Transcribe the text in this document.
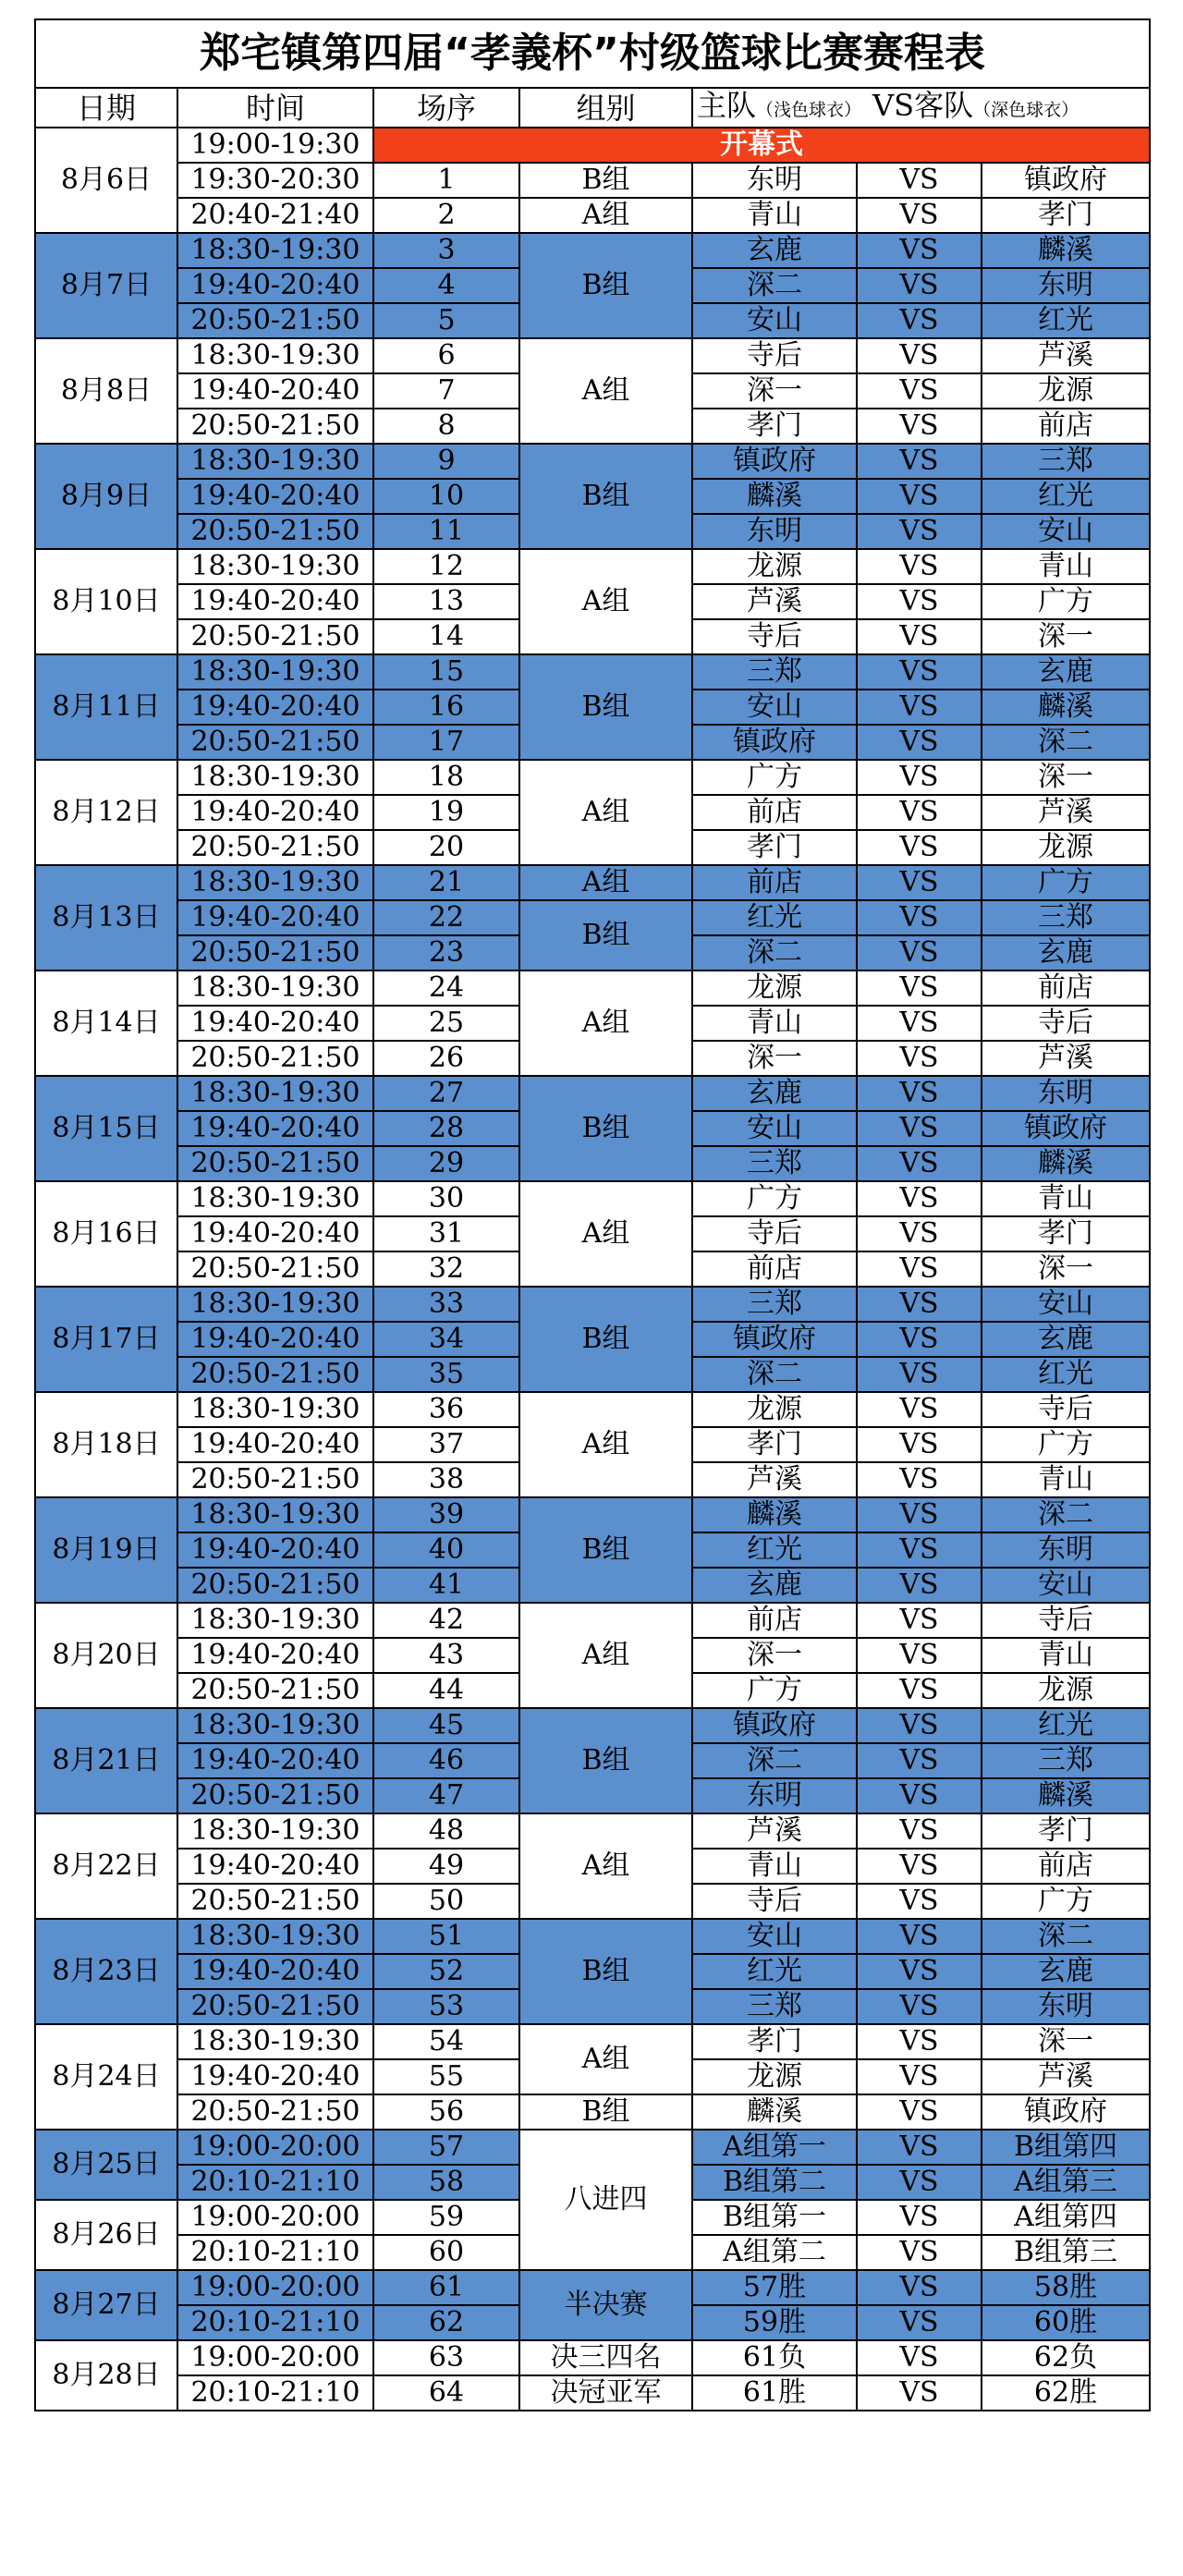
郑宅镇第四届“孝義杯”村级篮球比赛赛程表						
日期	时间	场序	组别	主队（浅色球衣） VS客队（深色球衣）		
8月6日	19:00-19:30	开幕式				
	19:30-20:30	1	B组	东明	VS	镇政府
	20:40-21:40	2	A组	青山	VS	孝门
8月7日	18:30-19:30	3	B组	玄鹿	VS	麟溪
	19:40-20:40	4		深二	VS	东明
	20:50-21:50	5		安山	VS	红光
8月8日	18:30-19:30	6	A组	寺后	VS	芦溪
	19:40-20:40	7		深一	VS	龙源
	20:50-21:50	8		孝门	VS	前店
8月9日	18:30-19:30	9	B组	镇政府	VS	三郑
	19:40-20:40	10		麟溪	VS	红光
	20:50-21:50	11		东明	VS	安山
8月10日	18:30-19:30	12	A组	龙源	VS	青山
	19:40-20:40	13		芦溪	VS	广方
	20:50-21:50	14		寺后	VS	深一
8月11日	18:30-19:30	15	B组	三郑	VS	玄鹿
	19:40-20:40	16		安山	VS	麟溪
	20:50-21:50	17		镇政府	VS	深二
8月12日	18:30-19:30	18	A组	广方	VS	深一
	19:40-20:40	19		前店	VS	芦溪
	20:50-21:50	20		孝门	VS	龙源
8月13日	18:30-19:30	21	A组	前店	VS	广方
	19:40-20:40	22	B组	红光	VS	三郑
	20:50-21:50	23		深二	VS	玄鹿
8月14日	18:30-19:30	24	A组	龙源	VS	前店
	19:40-20:40	25		青山	VS	寺后
	20:50-21:50	26		深一	VS	芦溪
8月15日	18:30-19:30	27	B组	玄鹿	VS	东明
	19:40-20:40	28		安山	VS	镇政府
	20:50-21:50	29		三郑	VS	麟溪
8月16日	18:30-19:30	30	A组	广方	VS	青山
	19:40-20:40	31		寺后	VS	孝门
	20:50-21:50	32		前店	VS	深一
8月17日	18:30-19:30	33	B组	三郑	VS	安山
	19:40-20:40	34		镇政府	VS	玄鹿
	20:50-21:50	35		深二	VS	红光
8月18日	18:30-19:30	36	A组	龙源	VS	寺后
	19:40-20:40	37		孝门	VS	广方
	20:50-21:50	38		芦溪	VS	青山
8月19日	18:30-19:30	39	B组	麟溪	VS	深二
	19:40-20:40	40		红光	VS	东明
	20:50-21:50	41		玄鹿	VS	安山
8月20日	18:30-19:30	42	A组	前店	VS	寺后
	19:40-20:40	43		深一	VS	青山
	20:50-21:50	44		广方	VS	龙源
8月21日	18:30-19:30	45	B组	镇政府	VS	红光
	19:40-20:40	46		深二	VS	三郑
	20:50-21:50	47		东明	VS	麟溪
8月22日	18:30-19:30	48	A组	芦溪	VS	孝门
	19:40-20:40	49		青山	VS	前店
	20:50-21:50	50		寺后	VS	广方
8月23日	18:30-19:30	51	B组	安山	VS	深二
	19:40-20:40	52		红光	VS	玄鹿
	20:50-21:50	53		三郑	VS	东明
8月24日	18:30-19:30	54	A组	孝门	VS	深一
	19:40-20:40	55		龙源	VS	芦溪
	20:50-21:50	56	B组	麟溪	VS	镇政府
8月25日	19:00-20:00	57	八进四	A组第一	VS	B组第四
	20:10-21:10	58		B组第二	VS	A组第三
8月26日	19:00-20:00	59		B组第一	VS	A组第四
	20:10-21:10	60		A组第二	VS	B组第三
8月27日	19:00-20:00	61	半决赛	57胜	VS	58胜
	20:10-21:10	62		59胜	VS	60胜
8月28日	19:00-20:00	63	决三四名	61负	VS	62负
	20:10-21:10	64	决冠亚军	61胜	VS	62胜
